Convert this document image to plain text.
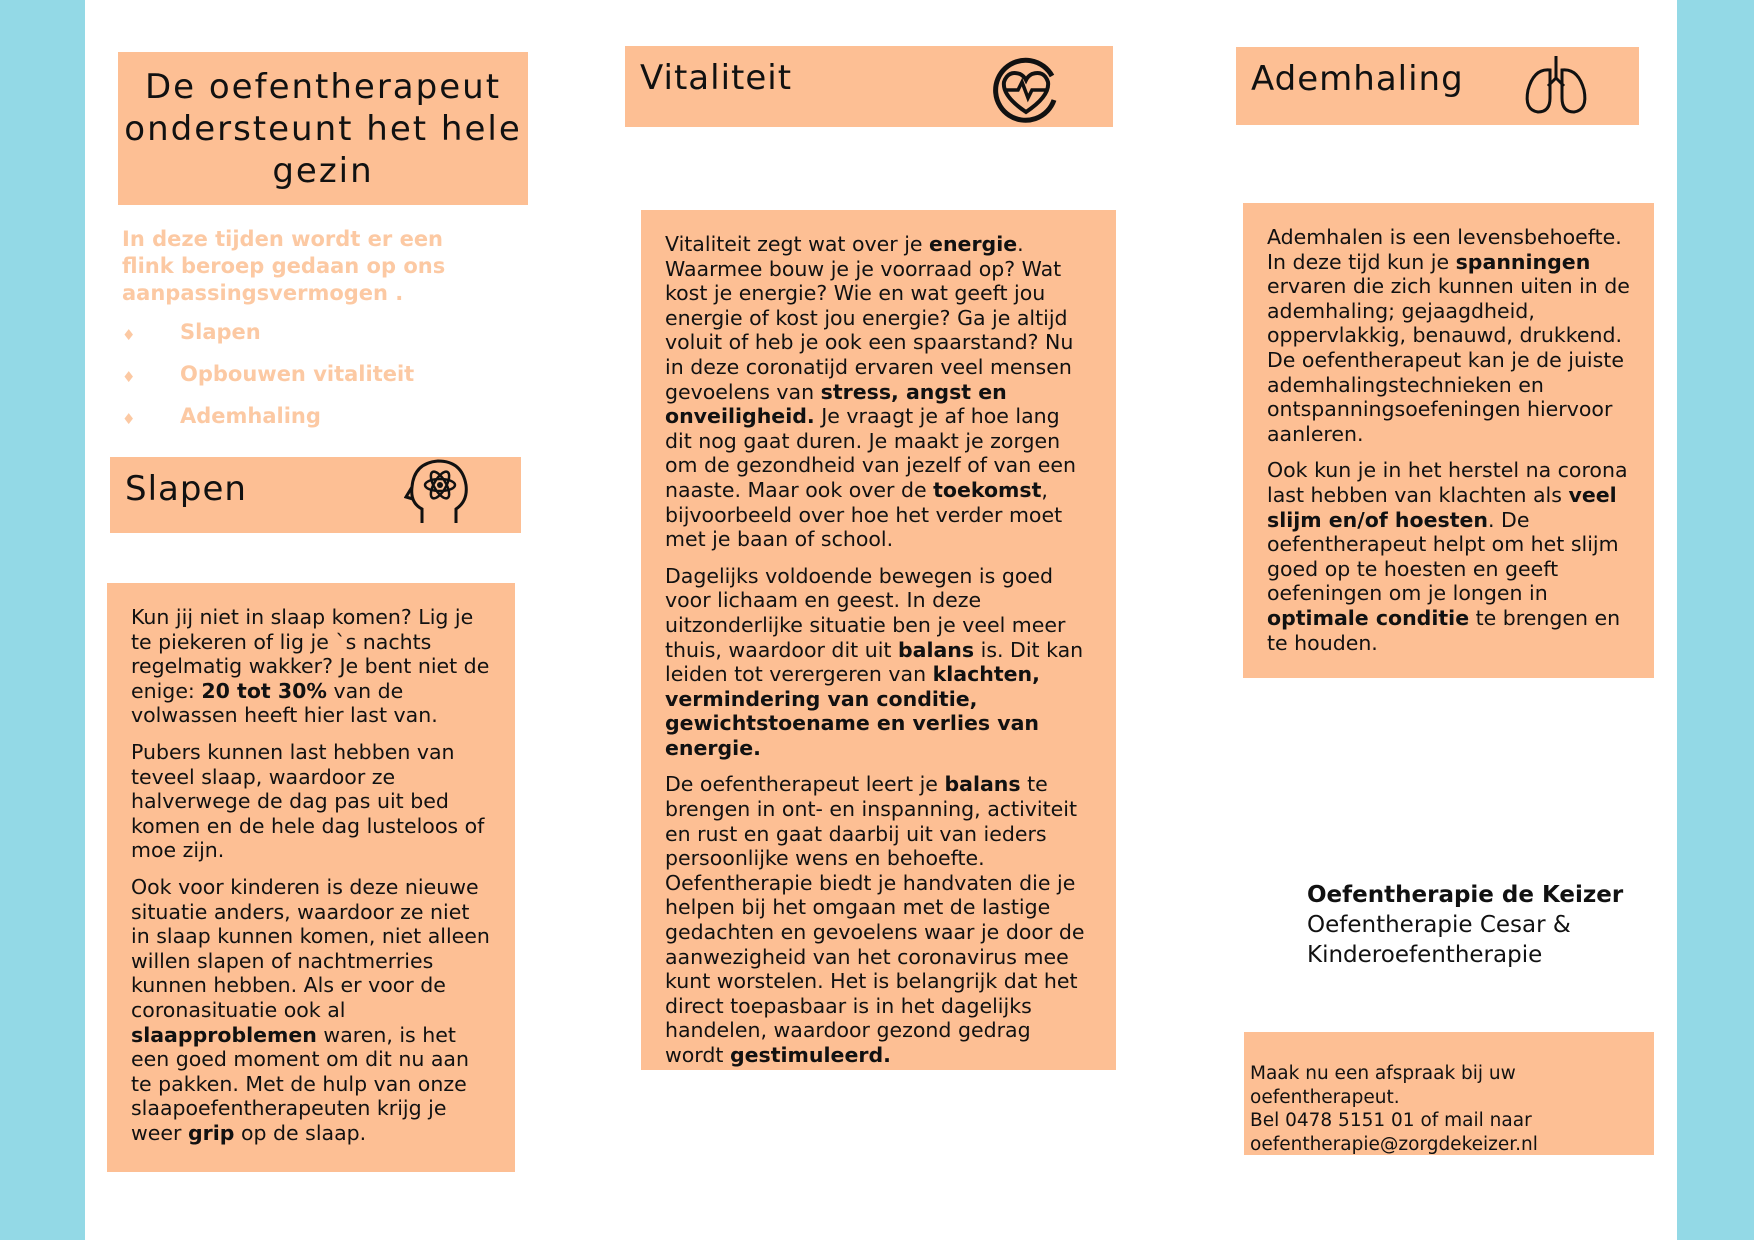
De oefentherapeut ondersteunt het hele gezin
In deze tijden wordt er een flink beroep gedaan op ons aanpassingsvermogen .
♦	Slapen
♦	Opbouwen vitaliteit
♦	Ademhaling
Slapen

Kun jij niet in slaap komen? Lig je te piekeren of lig je `s nachts regelmatig wakker? Je bent niet de enige: 20 tot 30% van de volwassen heeft hier last van.

Pubers kunnen last hebben van teveel slaap, waardoor ze halverwege de dag pas uit bed komen en de hele dag lusteloos of moe zijn.

Ook voor kinderen is deze nieuwe situatie anders, waardoor ze niet in slaap kunnen komen, niet alleen willen slapen of nachtmerries kunnen hebben. Als er voor de coronasituatie ook al slaapproblemen waren, is het een goed moment om dit nu aan te pakken. Met de hulp van onze slaapoefentherapeuten krijg je weer grip op de slaap.

Vitaliteit

Vitaliteit zegt wat over je energie. Waarmee bouw je je voorraad op? Wat kost je energie? Wie en wat geeft jou energie of kost jou energie? Ga je altijd voluit of heb je ook een spaarstand? Nu in deze coronatijd ervaren veel mensen gevoelens van stress, angst en onveiligheid. Je vraagt je af hoe lang dit nog gaat duren. Je maakt je zorgen om de gezondheid van jezelf of van een naaste. Maar ook over de toekomst, bijvoorbeeld over hoe het verder moet met je baan of school.

Dagelijks voldoende bewegen is goed voor lichaam en geest. In deze uitzonderlijke situatie ben je veel meer thuis, waardoor dit uit balans is. Dit kan leiden tot verergeren van klachten, vermindering van conditie, gewichtstoename en verlies van energie.

De oefentherapeut leert je balans te brengen in ont- en inspanning, activiteit en rust en gaat daarbij uit van ieders persoonlijke wens en behoefte. Oefentherapie biedt je handvaten die je helpen bij het omgaan met de lastige gedachten en gevoelens waar je door de aanwezigheid van het coronavirus mee kunt worstelen. Het is belangrijk dat het direct toepasbaar is in het dagelijks handelen, waardoor gezond gedrag wordt gestimuleerd.

Ademhaling

Ademhalen is een levensbehoefte. In deze tijd kun je spanningen ervaren die zich kunnen uiten in de ademhaling; gejaagdheid, oppervlakkig, benauwd, drukkend. De oefentherapeut kan je de juiste ademhalingstechnieken en ontspanningsoefeningen hiervoor aanleren.

Ook kun je in het herstel na corona last hebben van klachten als veel slijm en/of hoesten. De oefentherapeut helpt om het slijm goed op te hoesten en geeft oefeningen om je longen in optimale conditie te brengen en te houden.

Oefentherapie de Keizer
Oefentherapie Cesar &
Kinderoefentherapie
Maak nu een afspraak bij uw
oefentherapeut.
Bel 0478 5151 01 of mail naar
oefentherapie@zorgdekeizer.nl
